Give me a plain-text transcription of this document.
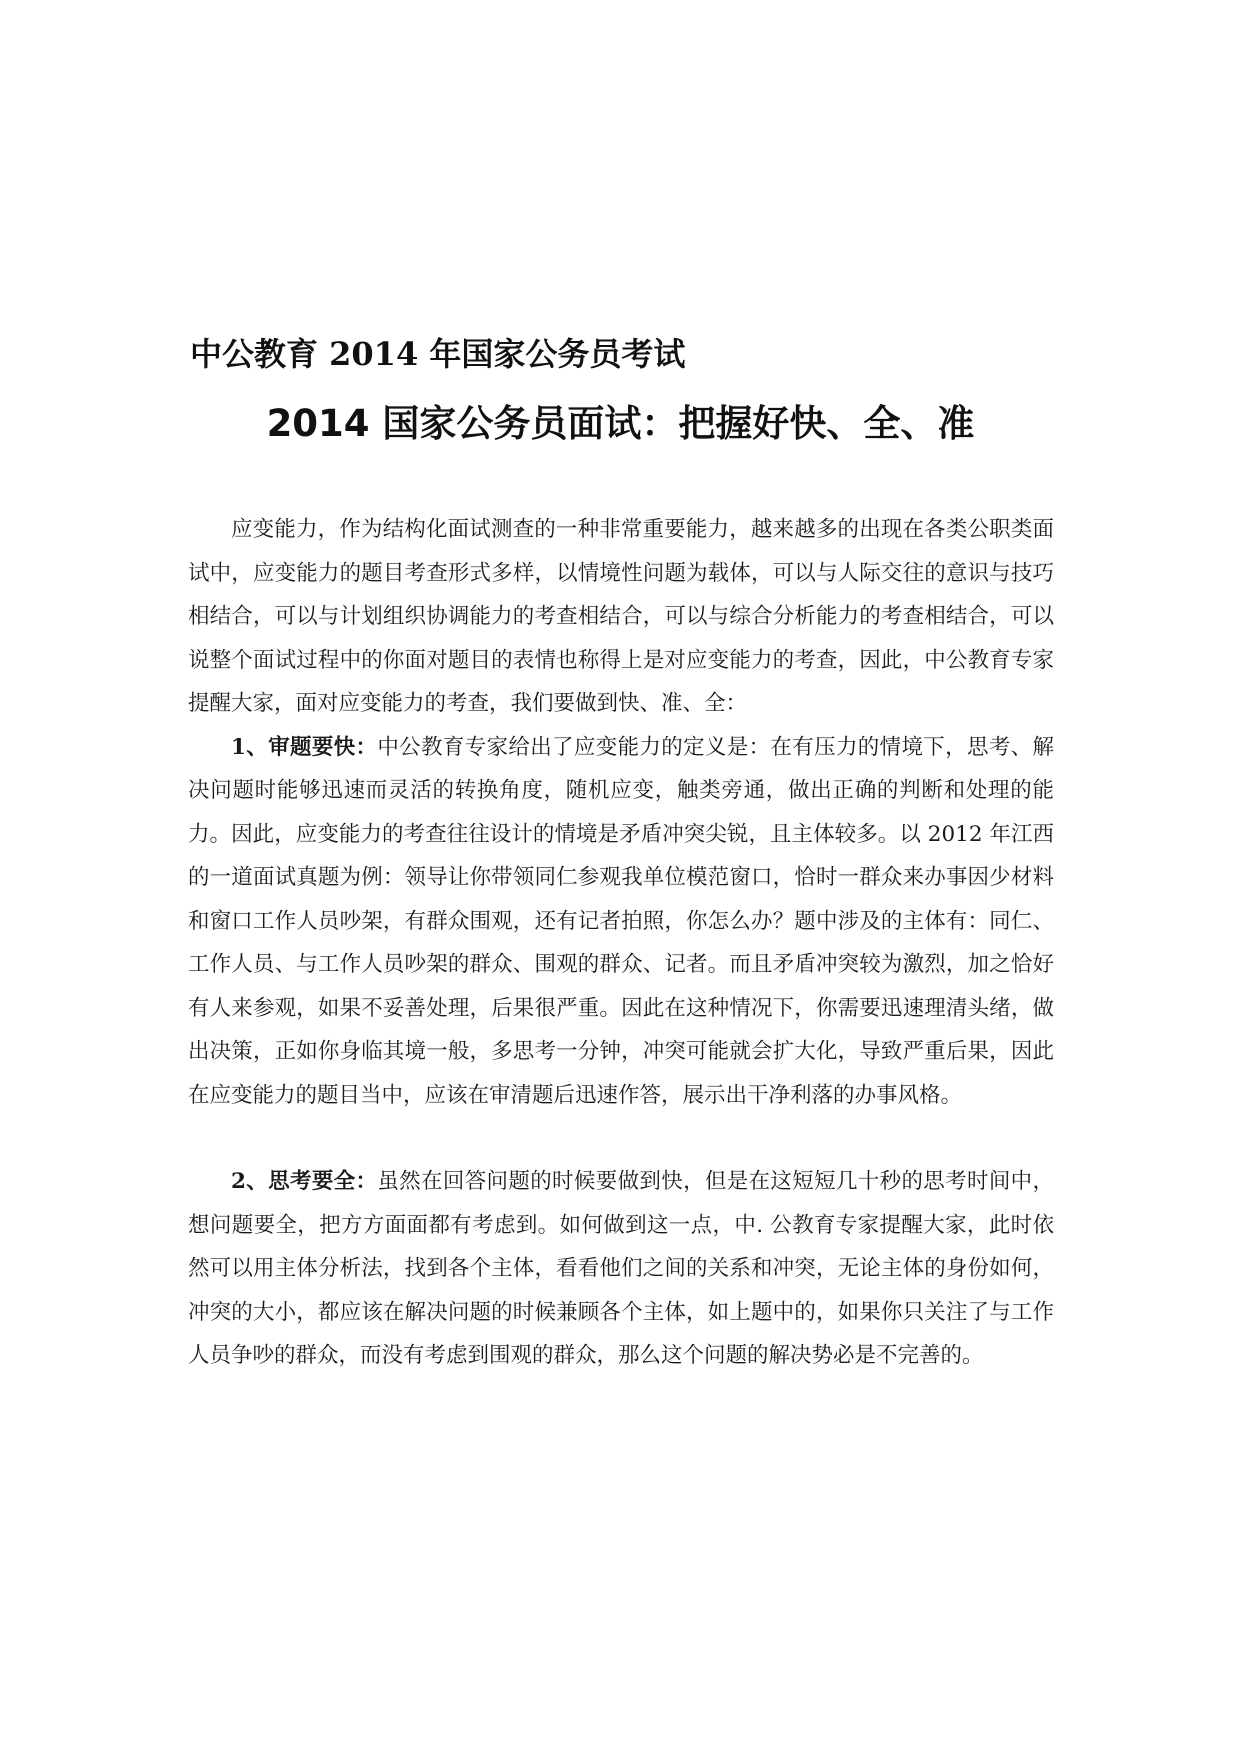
中公教育 2014 年国家公务员考试
2014 国家公务员面试：把握好快、全、准

应变能力，作为结构化面试测查的一种非常重要能力，越来越多的出现在各类公职类面试中，应变能力的题目考查形式多样，以情境性问题为载体，可以与人际交往的意识与技巧相结合，可以与计划组织协调能力的考查相结合，可以与综合分析能力的考查相结合，可以说整个面试过程中的你面对题目的表情也称得上是对应变能力的考查，因此，中公教育专家提醒大家，面对应变能力的考查，我们要做到快、准、全：

1、审题要快：中公教育专家给出了应变能力的定义是：在有压力的情境下，思考、解决问题时能够迅速而灵活的转换角度，随机应变，触类旁通，做出正确的判断和处理的能力。因此，应变能力的考查往往设计的情境是矛盾冲突尖锐，且主体较多。以 2012 年江西的一道面试真题为例：领导让你带领同仁参观我单位模范窗口，恰时一群众来办事因少材料和窗口工作人员吵架，有群众围观，还有记者拍照，你怎么办？题中涉及的主体有：同仁、工作人员、与工作人员吵架的群众、围观的群众、记者。而且矛盾冲突较为激烈，加之恰好有人来参观，如果不妥善处理，后果很严重。因此在这种情况下，你需要迅速理清头绪，做出决策，正如你身临其境一般，多思考一分钟，冲突可能就会扩大化，导致严重后果，因此在应变能力的题目当中，应该在审清题后迅速作答，展示出干净利落的办事风格。

2、思考要全：虽然在回答问题的时候要做到快，但是在这短短几十秒的思考时间中，想问题要全，把方方面面都有考虑到。如何做到这一点，中. 公教育专家提醒大家，此时依然可以用主体分析法，找到各个主体，看看他们之间的关系和冲突，无论主体的身份如何，冲突的大小，都应该在解决问题的时候兼顾各个主体，如上题中的，如果你只关注了与工作人员争吵的群众，而没有考虑到围观的群众，那么这个问题的解决势必是不完善的。
